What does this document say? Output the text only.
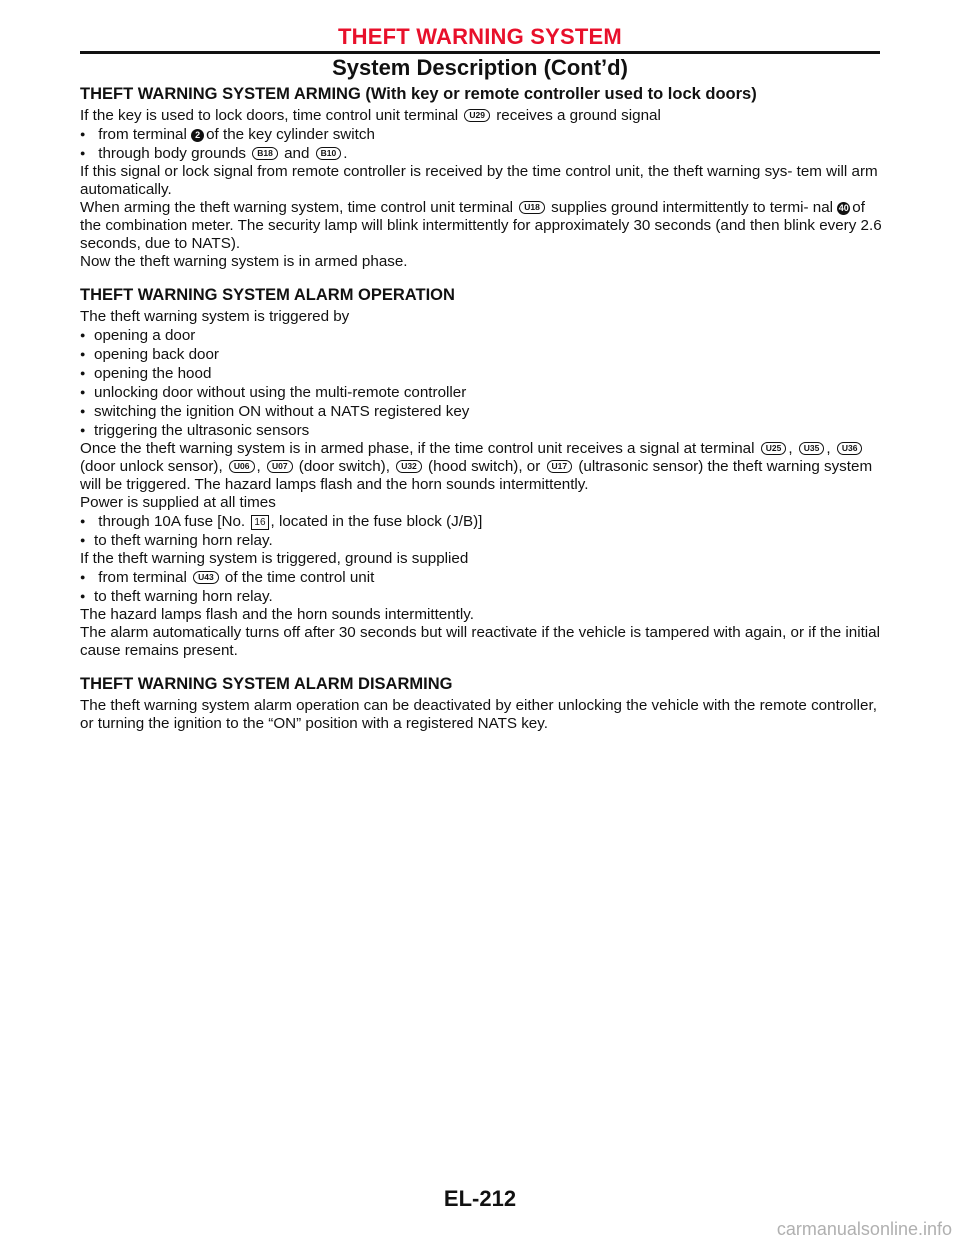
THEFT WARNING SYSTEM
System Description (Cont’d)
THEFT WARNING SYSTEM ARMING (With key or remote controller used to lock doors)

If the key is used to lock doors, time control unit terminal U29 receives a ground signal

● from terminal 2 of the key cylinder switch

● through body grounds B18 and B10 .

If this signal or lock signal from remote controller is received by the time control unit, the theft warning sys- tem will arm automatically.

When arming the theft warning system, time control unit terminal U18 supplies ground intermittently to termi- nal 40 of the combination meter. The security lamp will blink intermittently for approximately 30 seconds (and then blink every 2.6 seconds, due to NATS).

Now the theft warning system is in armed phase.

THEFT WARNING SYSTEM ALARM OPERATION

The theft warning system is triggered by

● opening a door

● opening back door

● opening the hood

● unlocking door without using the multi-remote controller

● switching the ignition ON without a NATS registered key

● triggering the ultrasonic sensors

Once the theft warning system is in armed phase, if the time control unit receives a signal at terminal U25 , U35 , U36 (door unlock sensor), U06 , U07 (door switch), U32 (hood switch), or U17 (ultrasonic sensor) the theft warning system will be triggered. The hazard lamps flash and the horn sounds intermittently.

Power is supplied at all times

● through 10A fuse [No. 16 , located in the fuse block (J/B)]

● to theft warning horn relay.

If the theft warning system is triggered, ground is supplied

● from terminal U43 of the time control unit

● to theft warning horn relay.

The hazard lamps flash and the horn sounds intermittently.

The alarm automatically turns off after 30 seconds but will reactivate if the vehicle is tampered with again, or if the initial cause remains present.

THEFT WARNING SYSTEM ALARM DISARMING

The theft warning system alarm operation can be deactivated by either unlocking the vehicle with the remote controller, or turning the ignition to the “ON” position with a registered NATS key.

EL-212
carmanualsonline.info
